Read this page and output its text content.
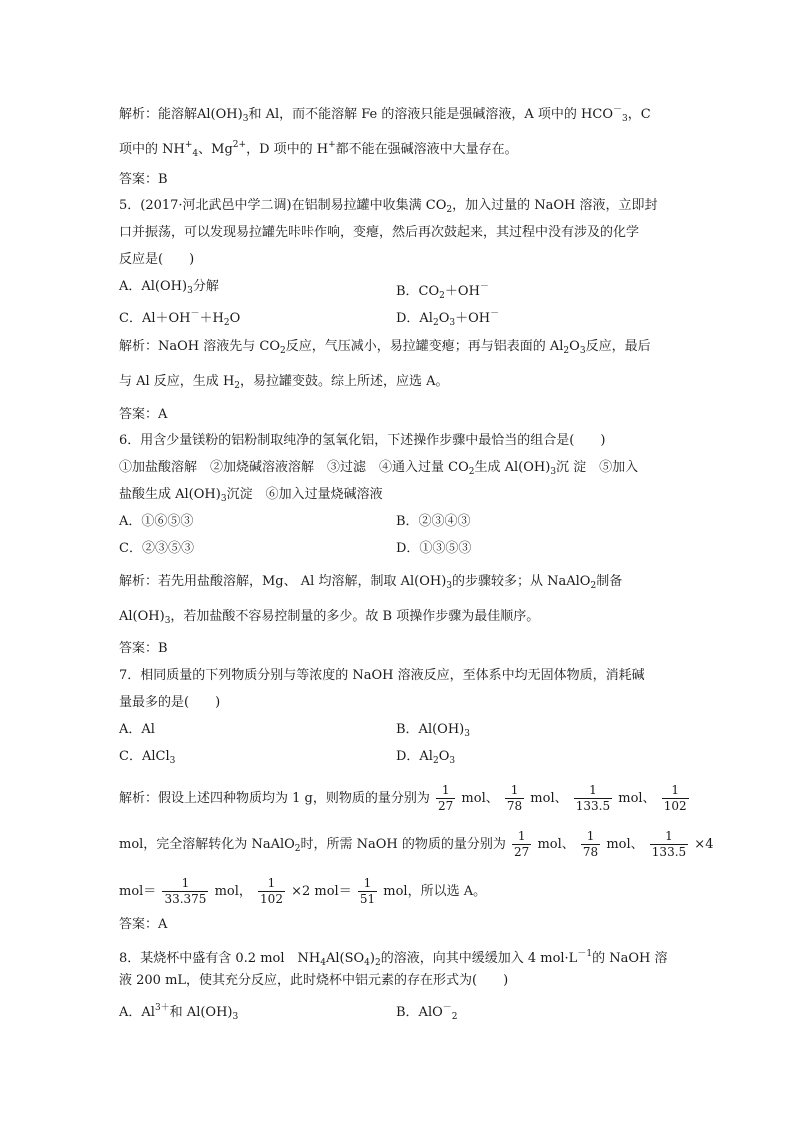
解析：能溶解$Al(OH)_3$和 Al，而不能溶解 Fe 的溶液只能是强碱溶液，A 项中的 $HCO^-_3$，C
项中的 $NH^+_4$、$Mg^{2+}$，D 项中的 H+都不能在强碱溶液中大量存在。
答案：B
5．(2017·河北武邑中学二调)在铝制易拉罐中收集满 $CO_2$，加入过量的 NaOH 溶液，立即封
口并振荡，可以发现易拉罐先咔咔作响，变瘪，然后再次鼓起来，其过程中没有涉及的化学
反应是(　　)
A．$Al(OH)_3$分解	B．$CO_2+OH^-$
C．$Al+OH^-+H_2O$	D．$Al_2O_3+OH^-$
解析：NaOH 溶液先与 $CO_2$反应，气压减小，易拉罐变瘪；再与铝表面的 $Al_2O_3$反应，最后
与 Al 反应，生成 $H_2$，易拉罐变鼓。综上所述，应选 A。
答案：A
6．用含少量镁粉的铝粉制取纯净的氢氧化铝，下述操作步骤中最恰当的组合是(　　)
①加盐酸溶解　②加烧碱溶液溶解　③过滤　④通入过量 $CO_2$生成 $Al(OH)_3$沉 淀　⑤加入
盐酸生成 $Al(OH)_3$沉淀　⑥加入过量烧碱溶液
A．①⑥⑤③	B．②③④③
C．②③⑤③	D．①③⑤③
解析：若先用盐酸溶解，Mg、 Al 均溶解，制取 $Al(OH)_3$的步骤较多；从 NaAlO$_2$制备
$Al(OH)_3$，若加盐酸不容易控制量的多少。故 B 项操作步骤为最佳顺序。
答案：B
7．相同质量的下列物质分别与等浓度的 NaOH 溶液反应，至体系中均无固体物质，消耗碱
量最多的是(　　)
A．Al	B．$Al(OH)_3$
C．AlCl$_3$	D．$Al_2O_3$
解析：假设上述四种物质均为 1 g，则物质的量分别为 $\frac{1}{27}$ mol、 $\frac{1}{78}$ mol、 $\frac{1}{133.5}$ mol、 $\frac{1}{102}$
mol，完全溶解转化为 NaAlO$_2$时，所需 NaOH 的物质的量分别为 $\frac{1}{27}$ mol、 $\frac{1}{78}$ mol、 $\frac{1}{133.5} \times 4$
$mol= \frac{1}{33.375}$ mol， $\frac{1}{102} \times 2$ $mol= \frac{1}{51}$ mol，所以选 A。
答案：A
8．某烧杯中盛有含 0.2 mol　$NH_4Al(SO_4)_2$的溶液，向其中缓缓加入 4 $mol\cdot L^{-1}$的 NaOH 溶
液 200 mL，使其充分反应，此时烧杯中铝元素的存在形式为(　　)
A．$Al^{3+}$和 $Al(OH)_3$	B．AlO－$_2$
